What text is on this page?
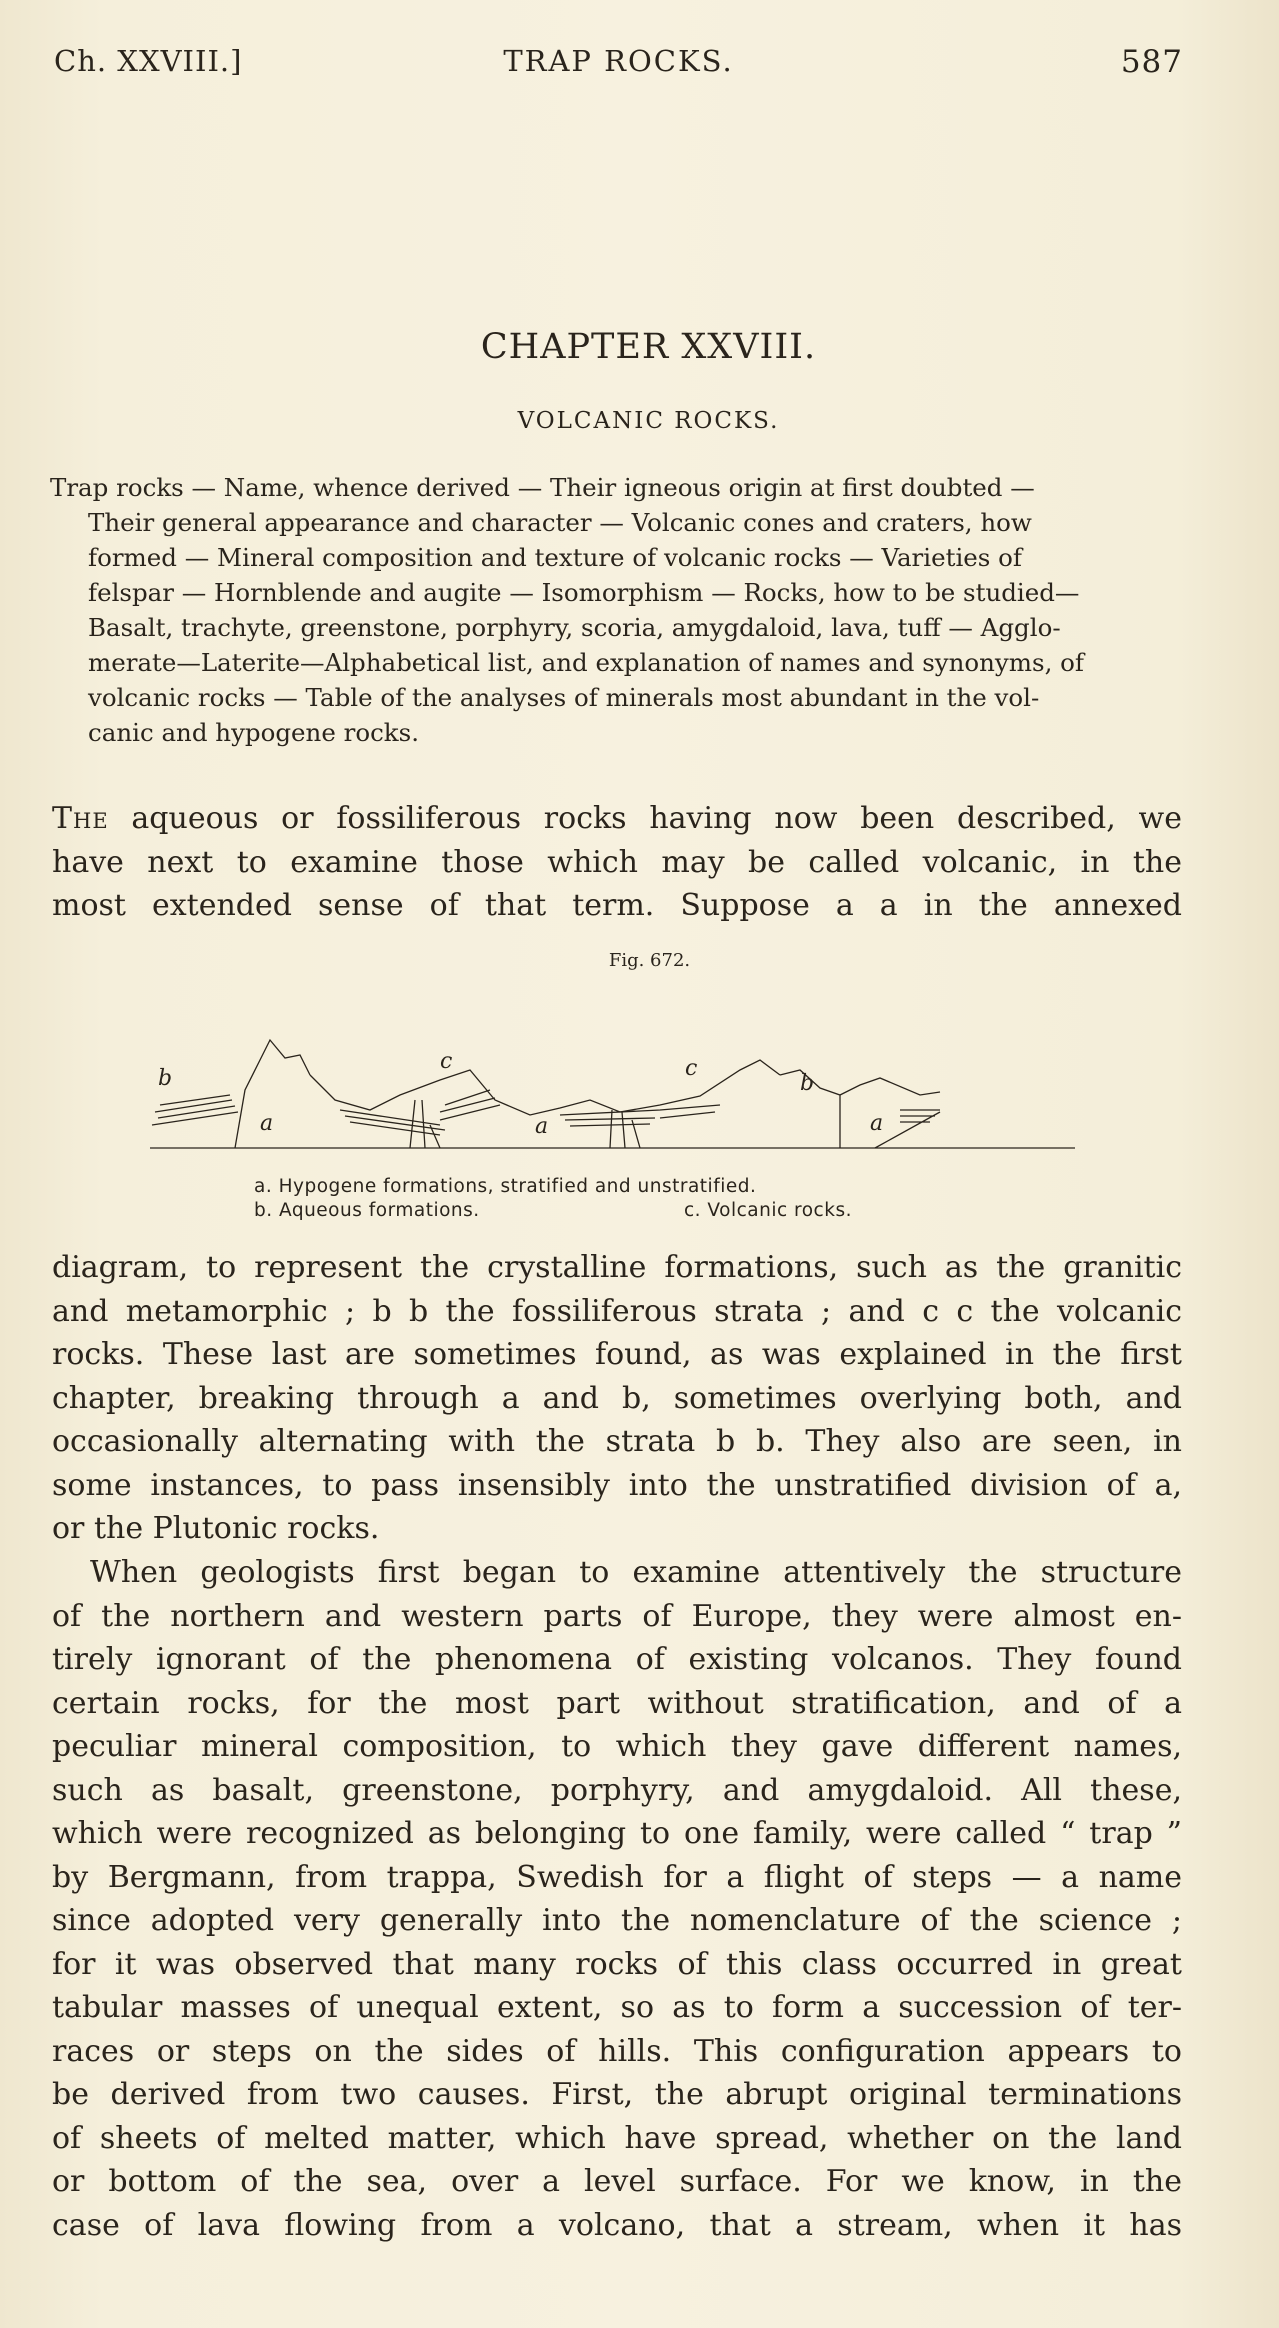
Ch. XXVIII.]	TRAP ROCKS.	587
CHAPTER XXVIII.
VOLCANIC ROCKS.
Trap rocks — Name, whence derived — Their igneous origin at first doubted —
Their general appearance and character — Volcanic cones and craters, how
formed — Mineral composition and texture of volcanic rocks — Varieties of
felspar — Hornblende and augite — Isomorphism — Rocks, how to be studied—
Basalt, trachyte, greenstone, porphyry, scoria, amygdaloid, lava, tuff — Agglo-
merate—Laterite—Alphabetical list, and explanation of names and synonyms, of
volcanic rocks — Table of the analyses of minerals most abundant in the vol-
canic and hypogene rocks.
The aqueous or fossiliferous rocks having now been described, we
have next to examine those which may be called volcanic, in the
most extended sense of that term. Suppose a a in the annexed
Fig. 672.
b
a
c
a
c
b
a
a. Hypogene formations, stratified and unstratified.
b. Aqueous formations.	c. Volcanic rocks.
diagram, to represent the crystalline formations, such as the granitic
and metamorphic ; b b the fossiliferous strata ; and c c the volcanic
rocks. These last are sometimes found, as was explained in the first
chapter, breaking through a and b, sometimes overlying both, and
occasionally alternating with the strata b b. They also are seen, in
some instances, to pass insensibly into the unstratified division of a,
or the Plutonic rocks.
When geologists first began to examine attentively the structure
of the northern and western parts of Europe, they were almost en-
tirely ignorant of the phenomena of existing volcanos. They found
certain rocks, for the most part without stratification, and of a
peculiar mineral composition, to which they gave different names,
such as basalt, greenstone, porphyry, and amygdaloid. All these,
which were recognized as belonging to one family, were called “ trap ”
by Bergmann, from trappa, Swedish for a flight of steps — a name
since adopted very generally into the nomenclature of the science ;
for it was observed that many rocks of this class occurred in great
tabular masses of unequal extent, so as to form a succession of ter-
races or steps on the sides of hills. This configuration appears to
be derived from two causes. First, the abrupt original terminations
of sheets of melted matter, which have spread, whether on the land
or bottom of the sea, over a level surface. For we know, in the
case of lava flowing from a volcano, that a stream, when it has
